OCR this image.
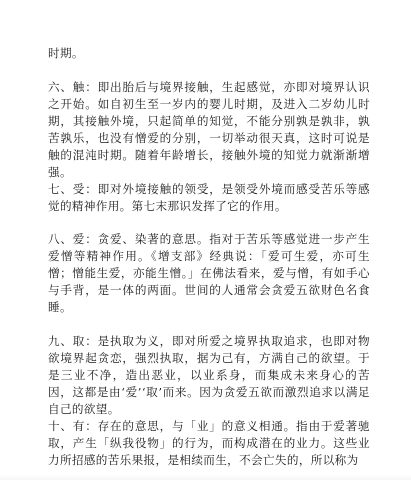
时期。

六、触：即出胎后与境界接触，生起感觉，亦即对境界认识之开始。如自初生至一岁内的婴儿时期，及进入二岁幼儿时期，其接触外境，只起简单的知觉，不能分别孰是孰非，孰苦孰乐，也没有憎爱的分别，一切举动很天真，这时可说是触的混沌时期。随着年龄增长，接触外境的知觉力就渐渐增强。

七、受：即对外境接触的领受，是领受外境而感受苦乐等感觉的精神作用。第七末那识发挥了它的作用。

八、爱：贪爱、染著的意思。指对于苦乐等感觉进一步产生爱憎等精神作用。《增支部》经典说：「爱可生爱，亦可生憎；憎能生爱，亦能生憎。」在佛法看来，爱与憎，有如手心与手背，是一体的两面。世间的人通常会贪爱五欲财色名食睡。

九、取：是执取为义，即对所爱之境界执取追求，也即对物欲境界起贪恋，强烈执取，据为己有，方满自己的欲望。于是三业不净，造出恶业，以业系身，而集成未来身心的苦因，这都是由‘爱’‘取’而来。因为贪爱五欲而激烈追求以满足自己的欲望。

十、有：存在的意思，与「业」的意义相通。指由于爱著驰取，产生「纵我役物」的行为，而构成潜在的业力。这些业力所招感的苦乐果报，是相续而生，不会亡失的，所以称为
